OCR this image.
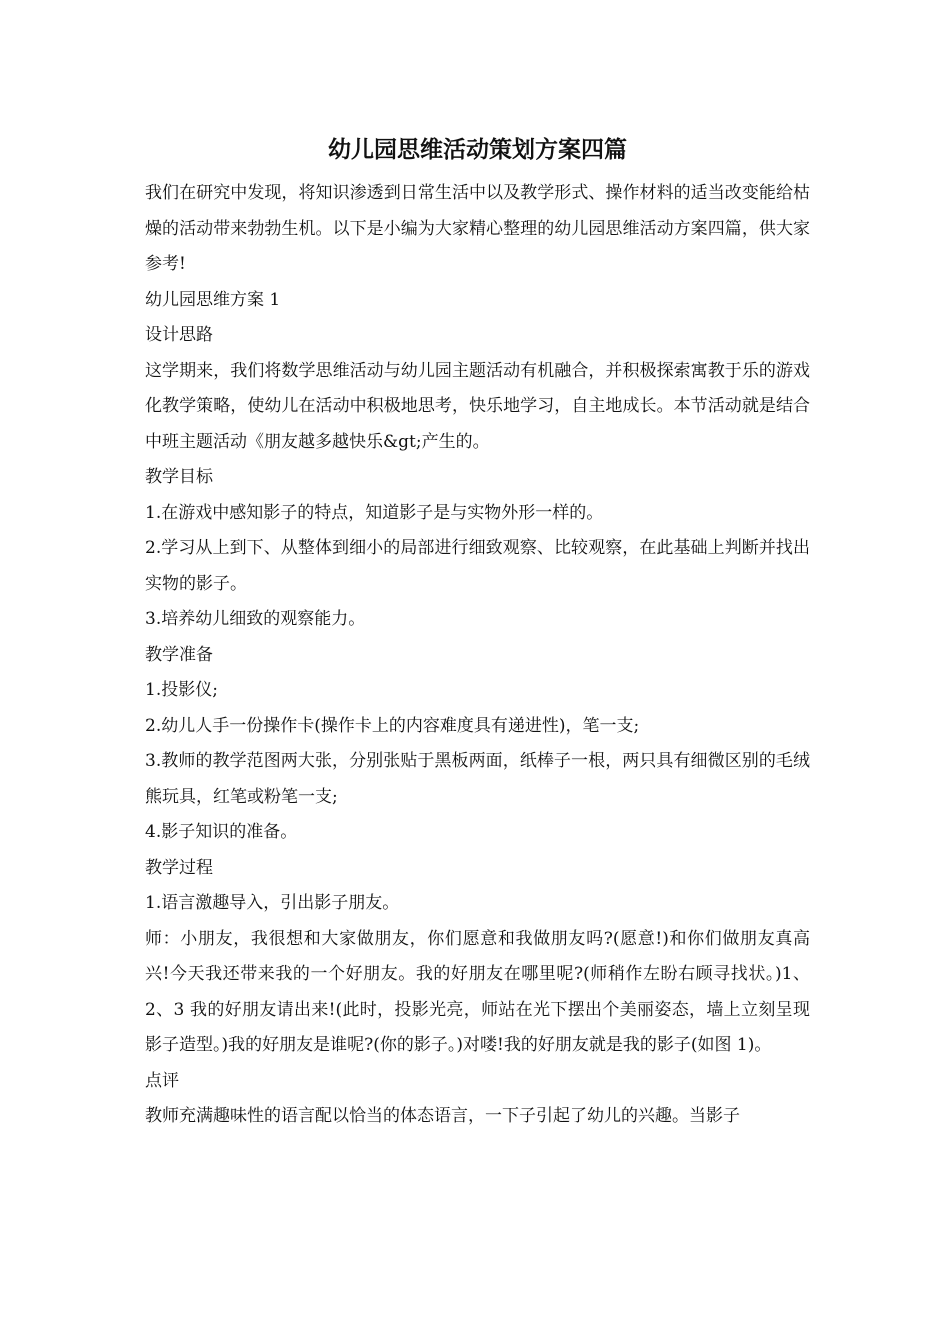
幼儿园思维活动策划方案四篇

我们在研究中发现，将知识渗透到日常生活中以及教学形式、操作材料的适当改变能给枯燥的活动带来勃勃生机。以下是小编为大家精心整理的幼儿园思维活动方案四篇，供大家参考!

幼儿园思维方案 1

设计思路

这学期来，我们将数学思维活动与幼儿园主题活动有机融合，并积极探索寓教于乐的游戏化教学策略，使幼儿在活动中积极地思考，快乐地学习，自主地成长。本节活动就是结合中班主题活动《朋友越多越快乐&gt;产生的。

教学目标

1.在游戏中感知影子的特点，知道影子是与实物外形一样的。

2.学习从上到下、从整体到细小的局部进行细致观察、比较观察，在此基础上判断并找出实物的影子。

3.培养幼儿细致的观察能力。

教学准备

1.投影仪;

2.幼儿人手一份操作卡(操作卡上的内容难度具有递进性)，笔一支;

3.教师的教学范图两大张，分别张贴于黑板两面，纸棒子一根，两只具有细微区别的毛绒熊玩具，红笔或粉笔一支;

4.影子知识的准备。

教学过程

1.语言激趣导入，引出影子朋友。

师：小朋友，我很想和大家做朋友，你们愿意和我做朋友吗?(愿意!)和你们做朋友真高兴!今天我还带来我的一个好朋友。我的好朋友在哪里呢?(师稍作左盼右顾寻找状。)1、2、3 我的好朋友请出来!(此时，投影光亮，师站在光下摆出个美丽姿态，墙上立刻呈现影子造型。)我的好朋友是谁呢?(你的影子。)对喽!我的好朋友就是我的影子(如图 1)。

点评

教师充满趣味性的语言配以恰当的体态语言，一下子引起了幼儿的兴趣。当影子
